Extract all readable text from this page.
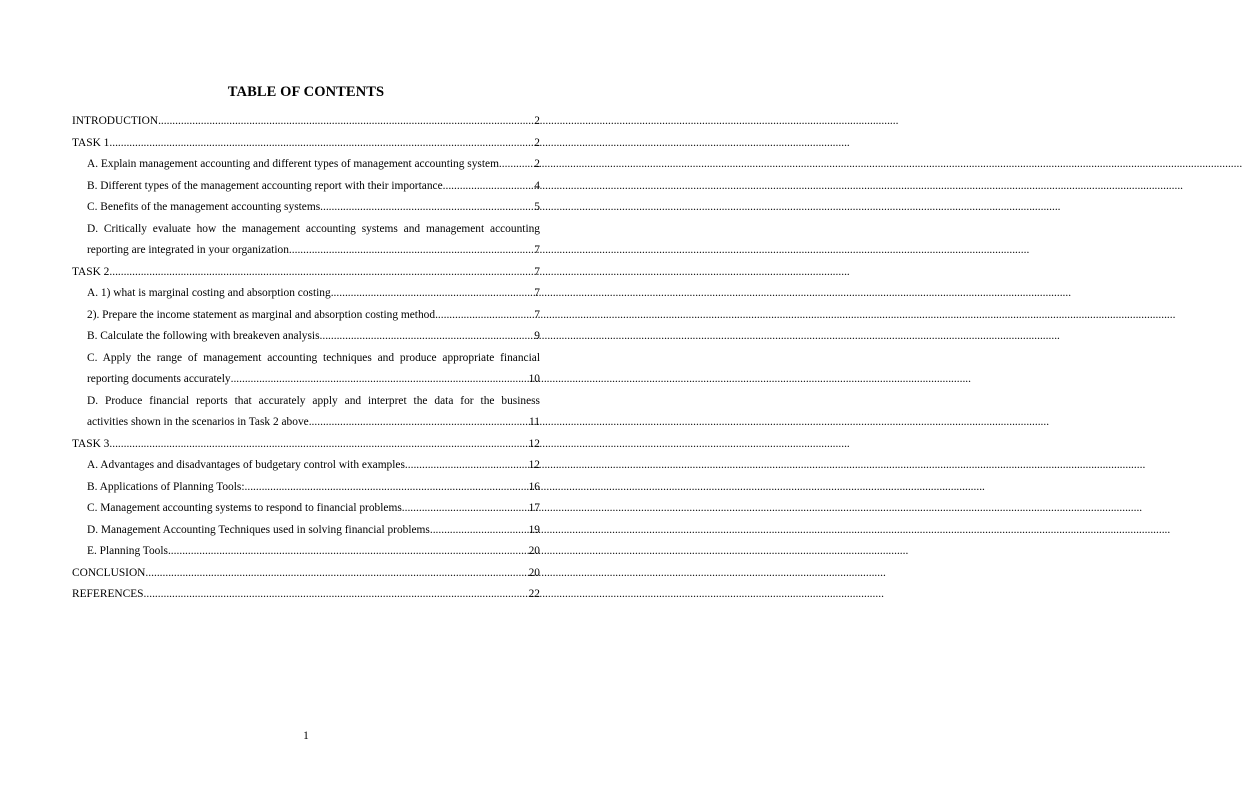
TABLE OF CONTENTS
INTRODUCTION .....	2
TASK 1 .....	2
A. Explain management accounting and different types of management accounting system. .....	2
B. Different types of the management accounting report with their importance .....	4
C. Benefits of the management accounting systems .....	5
D. Critically evaluate how the management accounting systems and management accounting
reporting are integrated in your organization .....	7
TASK 2 .....	7
A. 1) what is marginal costing and absorption costing .....	7
2). Prepare the income statement as marginal and absorption costing method .....	7
B. Calculate the following with breakeven analysis .....	9
C. Apply the range of management accounting techniques and produce appropriate financial
reporting documents accurately .....	10
D. Produce financial reports that accurately apply and interpret the data for the business
activities shown in the scenarios in Task 2 above .....	11
TASK 3 .....	12
A. Advantages and disadvantages of budgetary control with examples .....	12
B. Applications of Planning Tools: .....	16
C. Management accounting systems to respond to financial problems .....	17
D. Management Accounting Techniques used in solving financial problems .....	19
E. Planning Tools .....	20
CONCLUSION .....	20
REFERENCES .....	22
1
